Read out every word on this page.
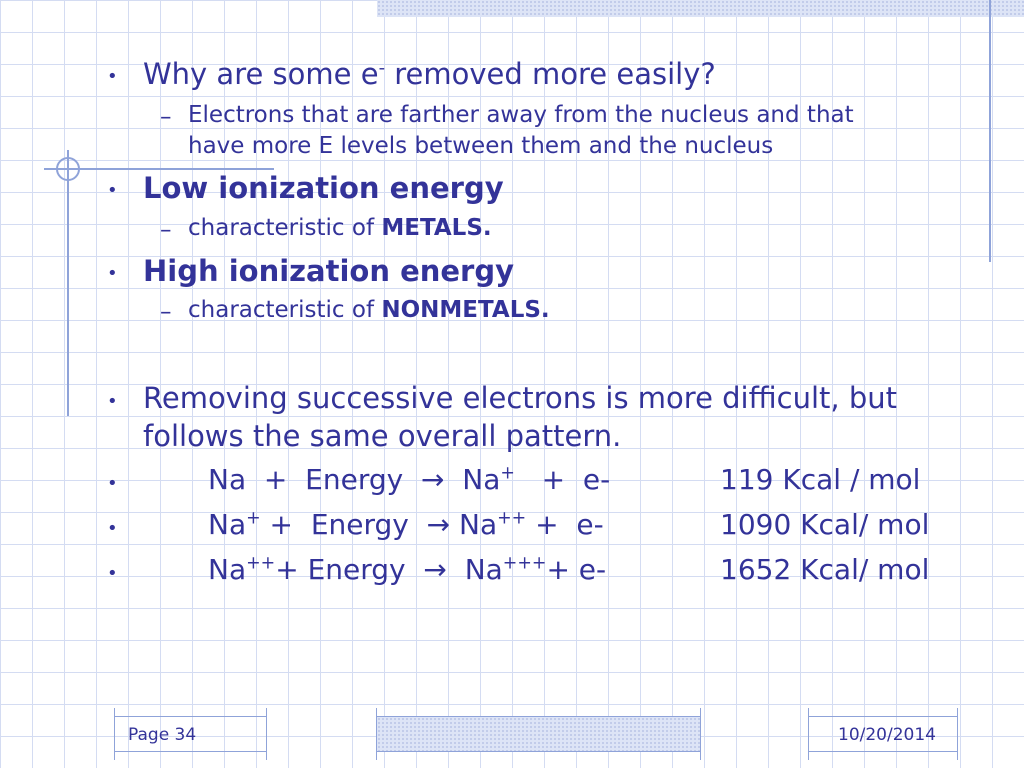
• Why are some e- removed more easily?
– Electrons that are farther away from the nucleus and that
have more E levels between them and the nucleus
• Low ionization energy
– characteristic of METALS.
• High ionization energy
– characteristic of NONMETALS.
• Removing successive electrons is more difficult, but
follows the same overall pattern.
•	Na  +  Energy  → Na+   +  e-	119 Kcal / mol
•	Na+ +  Energy  → Na++ +  e-	1090 Kcal/ mol
•	Na+++ Energy  → Na++++ e-	1652 Kcal/ mol
Page 34	10/20/2014
